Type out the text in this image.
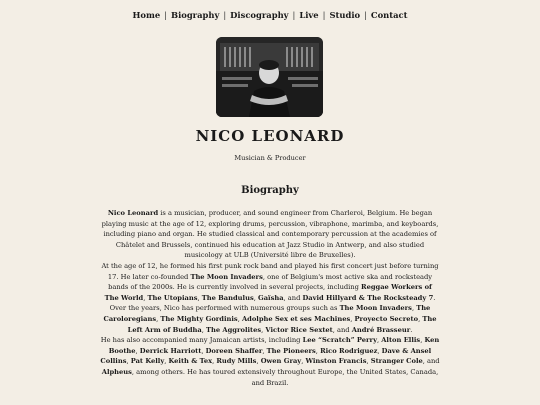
Home | Biography | Discography | Live | Studio | Contact
NICO LEONARD
Musician & Producer
Biography

Nico Leonard is a musician, producer, and sound engineer from Charleroi, Belgium. He began playing music at the age of 12, exploring drums, percussion, vibraphone, marimba, and keyboards, including piano and organ. He studied classical and contemporary percussion at the academies of Châtelet and Brussels, continued his education at Jazz Studio in Antwerp, and also studied musicology at ULB (Université libre de Bruxelles).

At the age of 12, he formed his first punk rock band and played his first concert just before turning 17. He later co-founded The Moon Invaders, one of Belgium's most active ska and rocksteady bands of the 2000s. He is currently involved in several projects, including Reggae Workers of The World, The Utopians, The Bandulus, Gaïsha, and David Hillyard & The Rocksteady 7.

Over the years, Nico has performed with numerous groups such as The Moon Invaders, The Caroloregians, The Mighty Gordinis, Adolphe Sex et ses Machines, Proyecto Secreto, The Left Arm of Buddha, The Aggrolites, Victor Rice Sextet, and André Brasseur.

He has also accompanied many Jamaican artists, including Lee “Scratch” Perry, Alton Ellis, Ken Boothe, Derrick Harriott, Doreen Shaffer, The Pioneers, Rico Rodriguez, Dave & Ansel Collins, Pat Kelly, Keith & Tex, Rudy Mills, Owen Gray, Winston Francis, Stranger Cole, and Alpheus, among others. He has toured extensively throughout Europe, the United States, Canada, and Brazil.
